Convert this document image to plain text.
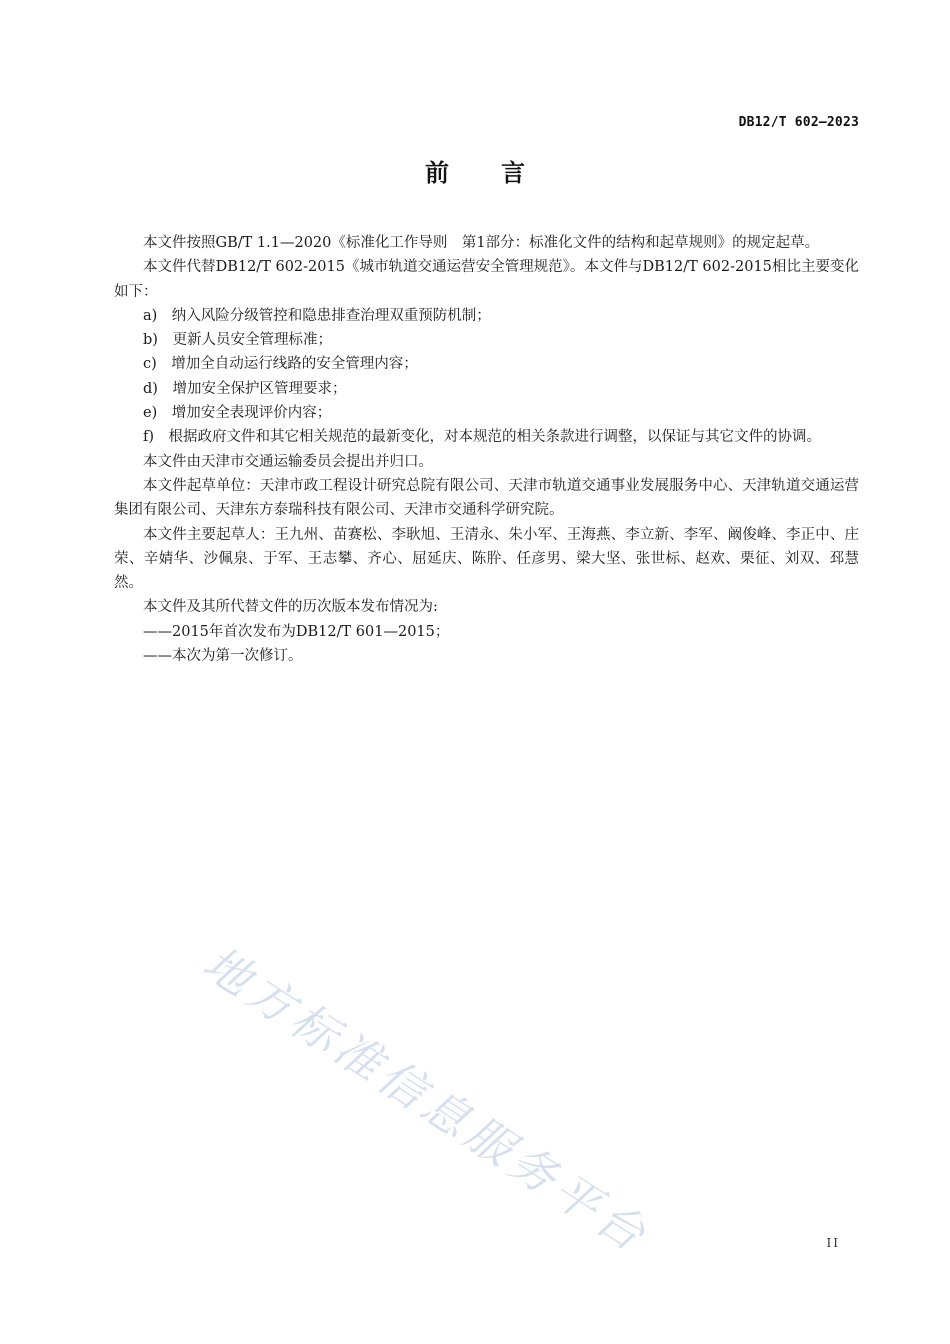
DB12/T 602—2023
前言

本文件按照GB/T 1.1—2020《标准化工作导则　第1部分：标准化文件的结构和起草规则》的规定起草。

本文件代替DB12/T 602-2015《城市轨道交通运营安全管理规范》。本文件与DB12/T 602-2015相比主要变化如下：

a)　纳入风险分级管控和隐患排查治理双重预防机制；

b)　更新人员安全管理标准；

c)　增加全自动运行线路的安全管理内容；

d)　增加安全保护区管理要求；

e)　增加安全表现评价内容；

f)　根据政府文件和其它相关规范的最新变化，对本规范的相关条款进行调整，以保证与其它文件的协调。

本文件由天津市交通运输委员会提出并归口。

本文件起草单位：天津市政工程设计研究总院有限公司、天津市轨道交通事业发展服务中心、天津轨道交通运营集团有限公司、天津东方泰瑞科技有限公司、天津市交通科学研究院。

本文件主要起草人：王九州、苗赛松、李耿旭、王清永、朱小军、王海燕、李立新、李军、阚俊峰、李正中、庄荣、辛婧华、沙佩泉、于军、王志攀、齐心、屈延庆、陈肸、任彦男、梁大坚、张世标、赵欢、栗征、刘双、邳慧然。

本文件及其所代替文件的历次版本发布情况为:

——2015年首次发布为DB12/T 601—2015；

——本次为第一次修订。

地方标准信息服务平台	II
